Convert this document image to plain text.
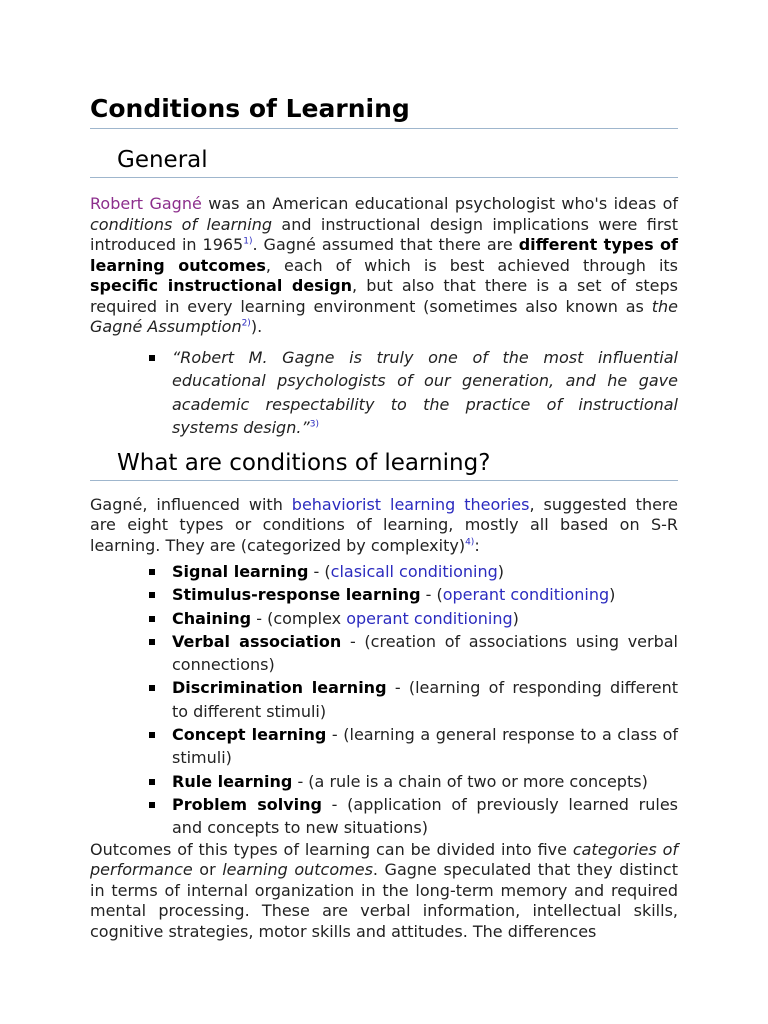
Conditions of Learning
General

Robert Gagné was an American educational psychologist who's ideas of conditions of learning and instructional design implications were first introduced in 1965$^{1)}$. Gagné assumed that there are different types of learning outcomes, each of which is best achieved through its specific instructional design, but also that there is a set of steps required in every learning environment (sometimes also known as the Gagné Assumption$^{2)}$).

“Robert M. Gagne is truly one of the most influential educational psychologists of our generation, and he gave academic respectability to the practice of instructional systems design.”$^{3)}$
What are conditions of learning?

Gagné, influenced with behaviorist learning theories, suggested there are eight types or conditions of learning, mostly all based on S-R learning. They are (categorized by complexity)$^{4)}$:

Signal learning - (clasicall conditioning)
Stimulus-response learning - (operant conditioning)
Chaining - (complex operant conditioning)
Verbal association - (creation of associations using verbal connections)
Discrimination learning - (learning of responding different to different stimuli)
Concept learning - (learning a general response to a class of stimuli)
Rule learning - (a rule is a chain of two or more concepts)
Problem solving - (application of previously learned rules and concepts to new situations)

Outcomes of this types of learning can be divided into five categories of performance or learning outcomes. Gagne speculated that they distinct in terms of internal organization in the long-term memory and required mental processing. These are verbal information, intellectual skills, cognitive strategies, motor skills and attitudes. The differences
